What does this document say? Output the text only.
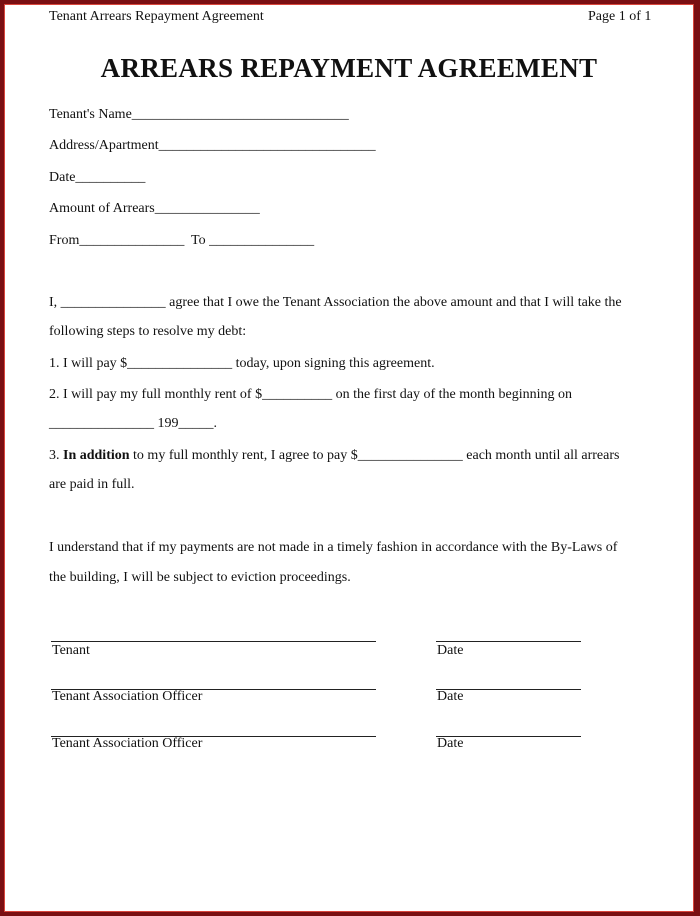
Tenant Arrears Repayment Agreement	Page 1 of 1
ARREARS REPAYMENT AGREEMENT
Tenant's Name_______________________________
Address/Apartment_______________________________
Date__________
Amount of Arrears_______________
From_______________ To _______________
I, _______________ agree that I owe the Tenant Association the above amount and that I will take the
following steps to resolve my debt:
1. I will pay $_______________ today, upon signing this agreement.
2. I will pay my full monthly rent of $__________ on the first day of the month beginning on
_______________ 199_____.
3. In addition to my full monthly rent, I agree to pay $_______________ each month until all arrears
are paid in full.
I understand that if my payments are not made in a timely fashion in accordance with the By-Laws of
the building, I will be subject to eviction proceedings.
Tenant	Date
Tenant Association Officer	Date
Tenant Association Officer	Date
